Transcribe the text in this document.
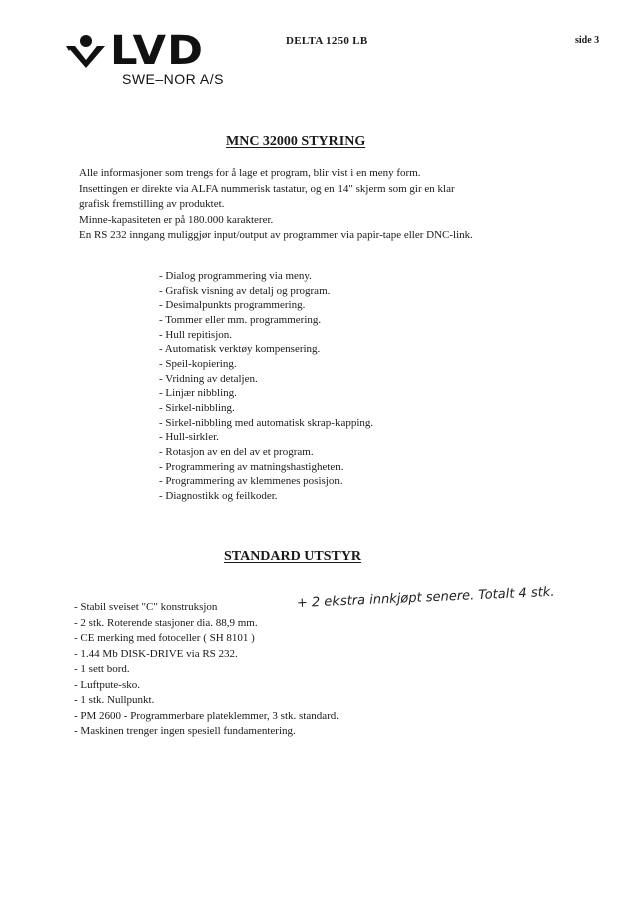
LVD
SWE–NOR A/S
DELTA 1250 LB	side 3
MNC 32000 STYRING
Alle informasjoner som trengs for å lage et program, blir vist i en meny form.
Insettingen er direkte via ALFA nummerisk tastatur, og en 14" skjerm som gir en klar
grafisk fremstilling av produktet.
Minne-kapasiteten er på 180.000 karakterer.
En RS 232 inngang muliggjør input/output av programmer via papir-tape eller DNC-link.
- Dialog programmering via meny.
- Grafisk visning av detalj og program.
- Desimalpunkts programmering.
- Tommer eller mm. programmering.
- Hull repitisjon.
- Automatisk verktøy kompensering.
- Speil-kopiering.
- Vridning av detaljen.
- Linjær nibbling.
- Sirkel-nibbling.
- Sirkel-nibbling med automatisk skrap-kapping.
- Hull-sirkler.
- Rotasjon av en del av et program.
- Programmering av matningshastigheten.
- Programmering av klemmenes posisjon.
- Diagnostikk og feilkoder.
STANDARD UTSTYR
- Stabil sveiset "C" konstruksjon
- 2 stk. Roterende stasjoner dia. 88,9 mm.
- CE merking med fotoceller ( SH 8101 )
- 1.44 Mb DISK-DRIVE via RS 232.
- 1 sett bord.
- Luftpute-sko.
- 1 stk. Nullpunkt.
- PM 2600 - Programmerbare plateklemmer, 3 stk. standard.
- Maskinen trenger ingen spesiell fundamentering.
+ 2 ekstra innkjøpt senere. Totalt 4 stk.
